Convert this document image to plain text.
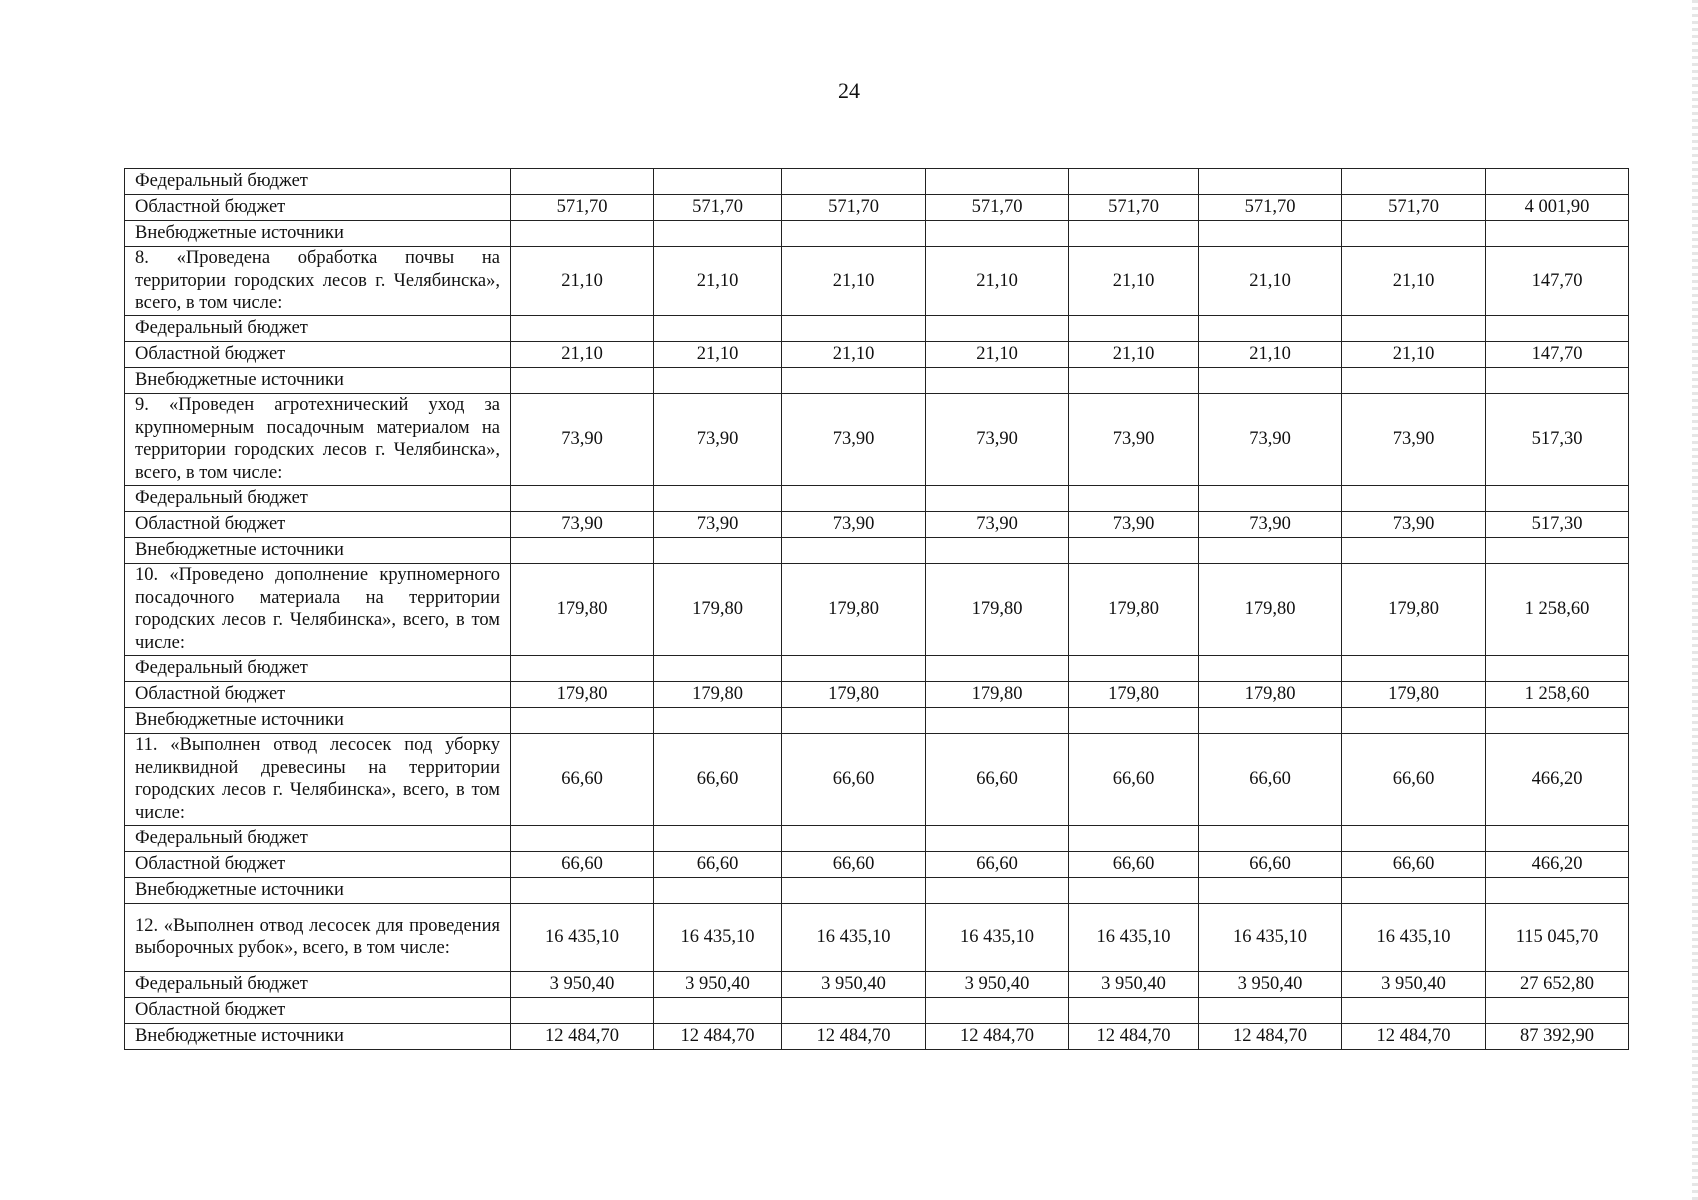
24
Федеральный бюджет								
Областной бюджет	571,70	571,70	571,70	571,70	571,70	571,70	571,70	4 001,90
Внебюджетные источники								
8. «Проведена обработка почвы на территории городских лесов г. Челябинска», всего, в том числе:	21,10	21,10	21,10	21,10	21,10	21,10	21,10	147,70
Федеральный бюджет								
Областной бюджет	21,10	21,10	21,10	21,10	21,10	21,10	21,10	147,70
Внебюджетные источники								
9. «Проведен агротехнический уход за крупномерным посадочным материалом на территории городских лесов г. Челябинска», всего, в том числе:	73,90	73,90	73,90	73,90	73,90	73,90	73,90	517,30
Федеральный бюджет								
Областной бюджет	73,90	73,90	73,90	73,90	73,90	73,90	73,90	517,30
Внебюджетные источники								
10. «Проведено дополнение крупномерного посадочного материала на территории городских лесов г. Челябинска», всего, в том числе:	179,80	179,80	179,80	179,80	179,80	179,80	179,80	1 258,60
Федеральный бюджет								
Областной бюджет	179,80	179,80	179,80	179,80	179,80	179,80	179,80	1 258,60
Внебюджетные источники								
11. «Выполнен отвод лесосек под уборку неликвидной древесины на территории городских лесов г. Челябинска», всего, в том числе:	66,60	66,60	66,60	66,60	66,60	66,60	66,60	466,20
Федеральный бюджет								
Областной бюджет	66,60	66,60	66,60	66,60	66,60	66,60	66,60	466,20
Внебюджетные источники								
12. «Выполнен отвод лесосек для проведения выборочных рубок», всего, в том числе:	16 435,10	16 435,10	16 435,10	16 435,10	16 435,10	16 435,10	16 435,10	115 045,70
Федеральный бюджет	3 950,40	3 950,40	3 950,40	3 950,40	3 950,40	3 950,40	3 950,40	27 652,80
Областной бюджет								
Внебюджетные источники	12 484,70	12 484,70	12 484,70	12 484,70	12 484,70	12 484,70	12 484,70	87 392,90
